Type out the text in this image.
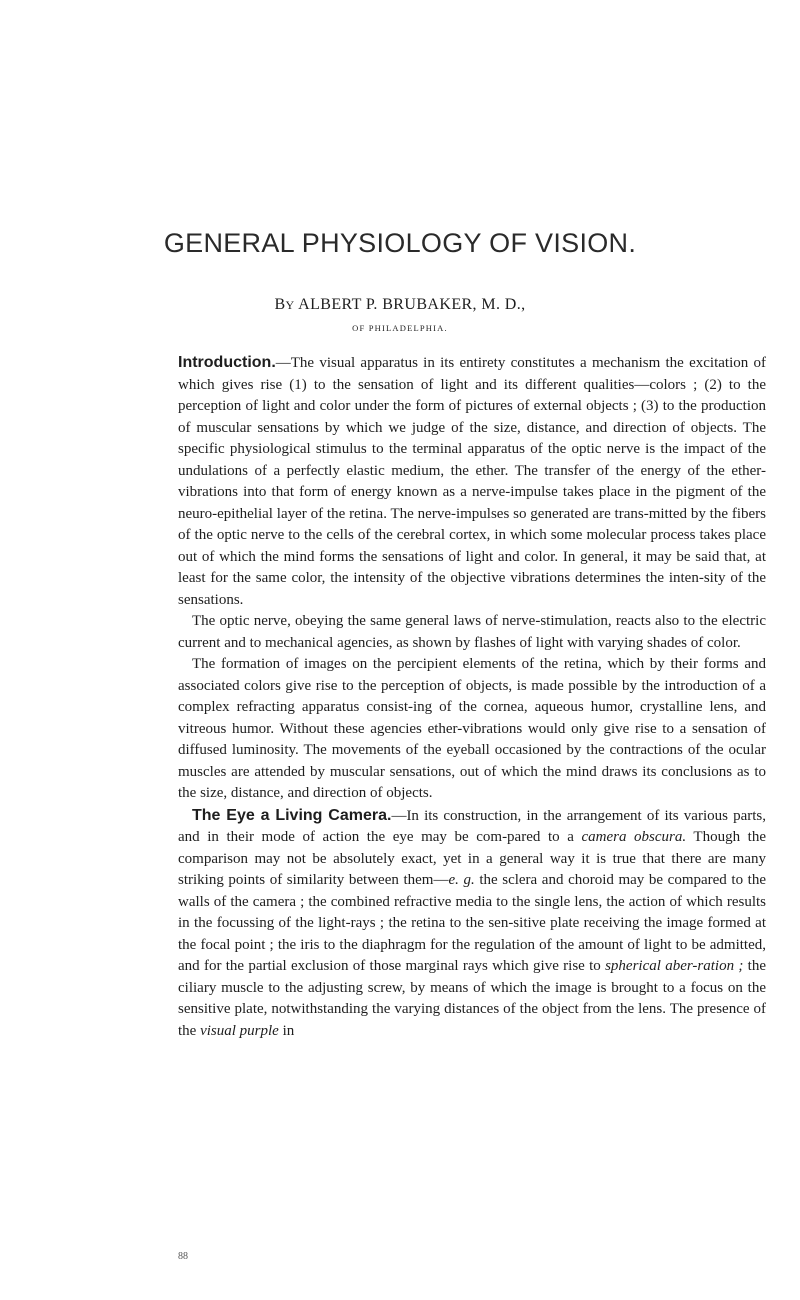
GENERAL PHYSIOLOGY OF VISION.
BY ALBERT P. BRUBAKER, M. D.,
OF PHILADELPHIA.

Introduction.—The visual apparatus in its entirety constitutes a mechanism the excitation of which gives rise (1) to the sensation of light and its different qualities—colors ; (2) to the perception of light and color under the form of pictures of external objects ; (3) to the production of muscular sensations by which we judge of the size, distance, and direction of objects. The specific physiological stimulus to the terminal apparatus of the optic nerve is the impact of the undulations of a perfectly elastic medium, the ether. The transfer of the energy of the ether-vibrations into that form of energy known as a nerve-impulse takes place in the pigment of the neuro-epithelial layer of the retina. The nerve-impulses so generated are trans-mitted by the fibers of the optic nerve to the cells of the cerebral cortex, in which some molecular process takes place out of which the mind forms the sensations of light and color. In general, it may be said that, at least for the same color, the intensity of the objective vibrations determines the inten-sity of the sensations.

The optic nerve, obeying the same general laws of nerve-stimulation, reacts also to the electric current and to mechanical agencies, as shown by flashes of light with varying shades of color.

The formation of images on the percipient elements of the retina, which by their forms and associated colors give rise to the perception of objects, is made possible by the introduction of a complex refracting apparatus consist-ing of the cornea, aqueous humor, crystalline lens, and vitreous humor. Without these agencies ether-vibrations would only give rise to a sensation of diffused luminosity. The movements of the eyeball occasioned by the contractions of the ocular muscles are attended by muscular sensations, out of which the mind draws its conclusions as to the size, distance, and direction of objects.

The Eye a Living Camera.—In its construction, in the arrangement of its various parts, and in their mode of action the eye may be com-pared to a camera obscura. Though the comparison may not be absolutely exact, yet in a general way it is true that there are many striking points of similarity between them—e. g. the sclera and choroid may be compared to the walls of the camera ; the combined refractive media to the single lens, the action of which results in the focussing of the light-rays ; the retina to the sen-sitive plate receiving the image formed at the focal point ; the iris to the diaphragm for the regulation of the amount of light to be admitted, and for the partial exclusion of those marginal rays which give rise to spherical aber-ration ; the ciliary muscle to the adjusting screw, by means of which the image is brought to a focus on the sensitive plate, notwithstanding the varying distances of the object from the lens. The presence of the visual purple in

88
